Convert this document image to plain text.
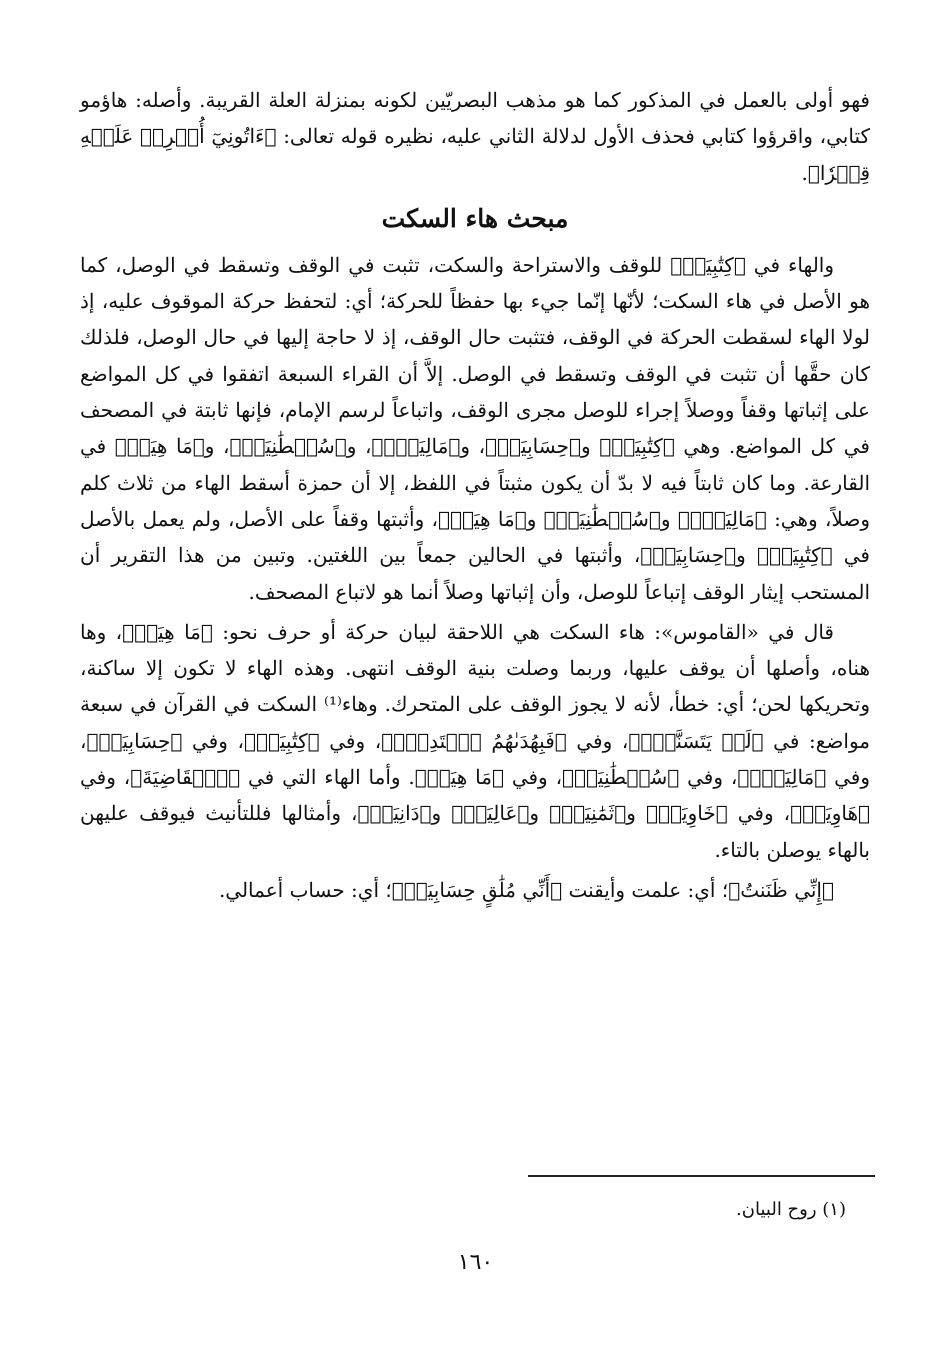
فهو أولى بالعمل في المذكور كما هو مذهب البصريّين لكونه بمنزلة العلة القريبة. وأصله: هاؤمو كتابي، واقرؤوا كتابي فحذف الأول لدلالة الثاني عليه، نظيره قوله تعالى: ﴿ءَاتُونِيٓ أُفۡرِغۡ عَلَيۡهِ قِطۡرٗا﴾.

مبحث هاء السكت

والهاء في ﴿كِتَٰبِيَهۡ﴾ للوقف والاستراحة والسكت، تثبت في الوقف وتسقط في الوصل، كما هو الأصل في هاء السكت؛ لأنّها إنّما جيء بها حفظاً للحركة؛ أي: لتحفظ حركة الموقوف عليه، إذ لولا الهاء لسقطت الحركة في الوقف، فتثبت حال الوقف، إذ لا حاجة إليها في حال الوصل، فلذلك كان حقَّها أن تثبت في الوقف وتسقط في الوصل. إلاَّ أن القراء السبعة اتفقوا في كل المواضع على إثباتها وقفاً ووصلاً إجراء للوصل مجرى الوقف، واتباعاً لرسم الإمام، فإنها ثابتة في المصحف في كل المواضع. وهي ﴿كِتَٰبِيَهۡ﴾ و﴿حِسَابِيَهۡ﴾، و﴿مَالِيَهۡۜ﴾، و﴿سُلۡطَٰنِيَهۡ﴾، و﴿مَا هِيَهۡ﴾ في القارعة. وما كان ثابتاً فيه لا بدّ أن يكون مثبتاً في اللفظ، إلا أن حمزة أسقط الهاء من ثلاث كلم وصلاً، وهي: ﴿مَالِيَهۡۜ﴾ و﴿سُلۡطَٰنِيَهۡ﴾ و﴿مَا هِيَهۡ﴾، وأثبتها وقفاً على الأصل، ولم يعمل بالأصل في ﴿كِتَٰبِيَهۡ﴾ و﴿حِسَابِيَهۡ﴾، وأثبتها في الحالين جمعاً بين اللغتين. وتبين من هذا التقرير أن المستحب إيثار الوقف إتباعاً للوصل، وأن إثباتها وصلاً أنما هو لاتباع المصحف.

قال في «القاموس»: هاء السكت هي اللاحقة لبيان حركة أو حرف نحو: ﴿مَا هِيَهۡ﴾، وها هناه، وأصلها أن يوقف عليها، وربما وصلت بنية الوقف انتهى. وهذه الهاء لا تكون إلا ساكنة، وتحريكها لحن؛ أي: خطأ، لأنه لا يجوز الوقف على المتحرك. وهاء⁽¹⁾ السكت في القرآن في سبعة مواضع: في ﴿لَمۡ يَتَسَنَّهۡۖ﴾، وفي ﴿فَبِهُدَىٰهُمُ ٱقۡتَدِهۡۗ﴾، وفي ﴿كِتَٰبِيَهۡ﴾، وفي ﴿حِسَابِيَهۡ﴾، وفي ﴿مَالِيَهۡۜ﴾، وفي ﴿سُلۡطَٰنِيَهۡ﴾، وفي ﴿مَا هِيَهۡ﴾. وأما الهاء التي في ﴿ٱلۡقَاضِيَةَ﴾، وفي ﴿هَاوِيَةٞ﴾، وفي ﴿خَاوِيَةٞ﴾ و﴿ثَمَٰنِيَةٞ﴾ و﴿عَالِيَةٖ﴾ و﴿دَانِيَةٞ﴾، وأمثالها فللتأنيث فيوقف عليهن بالهاء يوصلن بالتاء.

﴿إِنِّي ظَنَنتُ﴾؛ أي: علمت وأيقنت ﴿أَنِّي مُلَٰقٍ حِسَابِيَهۡ﴾؛ أي: حساب أعمالي.

(١) روح البيان.
١٦٠
